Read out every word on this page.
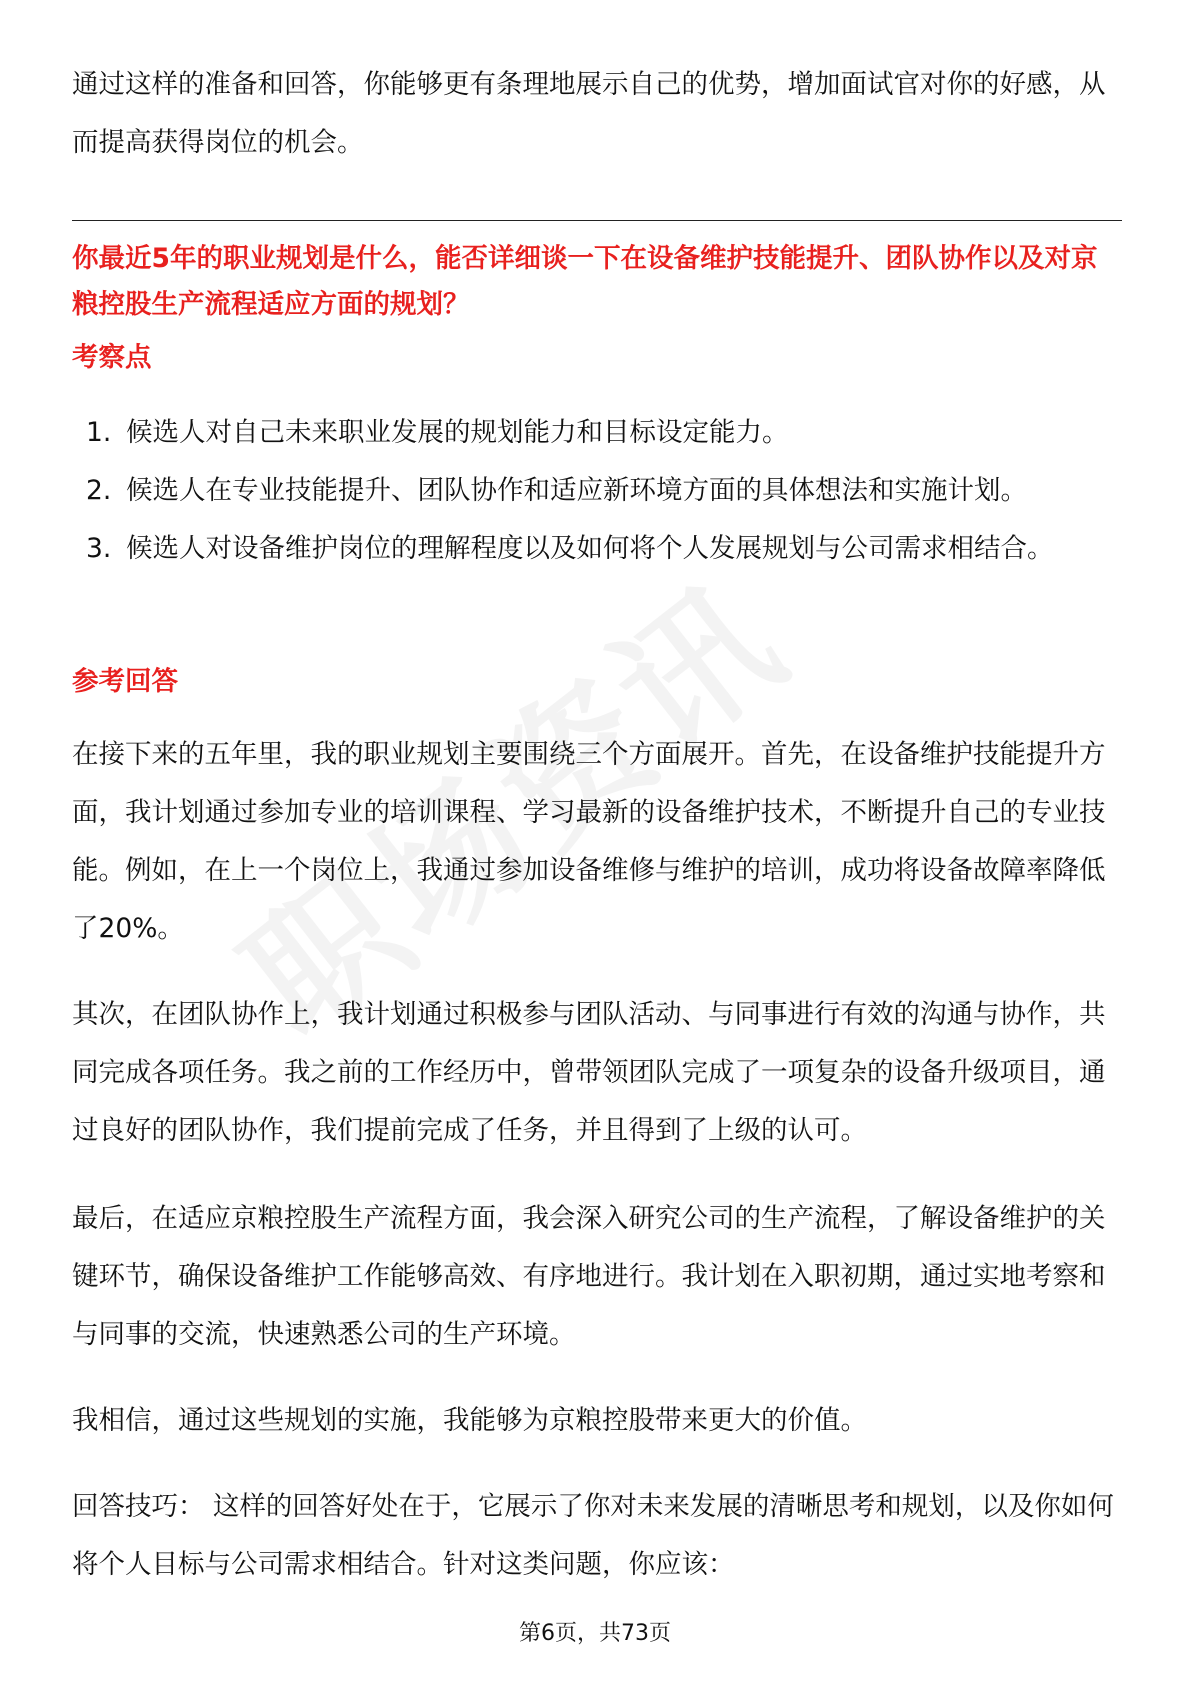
通过这样的准备和回答，你能够更有条理地展示自己的优势，增加面试官对你的好感，从而提高获得岗位的机会。

你最近5年的职业规划是什么，能否详细谈一下在设备维护技能提升、团队协作以及对京粮控股生产流程适应方面的规划？

考察点
1. 候选人对自己未来职业发展的规划能力和目标设定能力。
2. 候选人在专业技能提升、团队协作和适应新环境方面的具体想法和实施计划。
3. 候选人对设备维护岗位的理解程度以及如何将个人发展规划与公司需求相结合。
参考回答

在接下来的五年里，我的职业规划主要围绕三个方面展开。首先，在设备维护技能提升方面，我计划通过参加专业的培训课程、学习最新的设备维护技术，不断提升自己的专业技能。例如，在上一个岗位上，我通过参加设备维修与维护的培训，成功将设备故障率降低了20%。

其次，在团队协作上，我计划通过积极参与团队活动、与同事进行有效的沟通与协作，共同完成各项任务。我之前的工作经历中，曾带领团队完成了一项复杂的设备升级项目，通过良好的团队协作，我们提前完成了任务，并且得到了上级的认可。

最后，在适应京粮控股生产流程方面，我会深入研究公司的生产流程，了解设备维护的关键环节，确保设备维护工作能够高效、有序地进行。我计划在入职初期，通过实地考察和与同事的交流，快速熟悉公司的生产环境。

我相信，通过这些规划的实施，我能够为京粮控股带来更大的价值。

回答技巧： 这样的回答好处在于，它展示了你对未来发展的清晰思考和规划，以及你如何将个人目标与公司需求相结合。针对这类问题，你应该：

第6页，共73页
